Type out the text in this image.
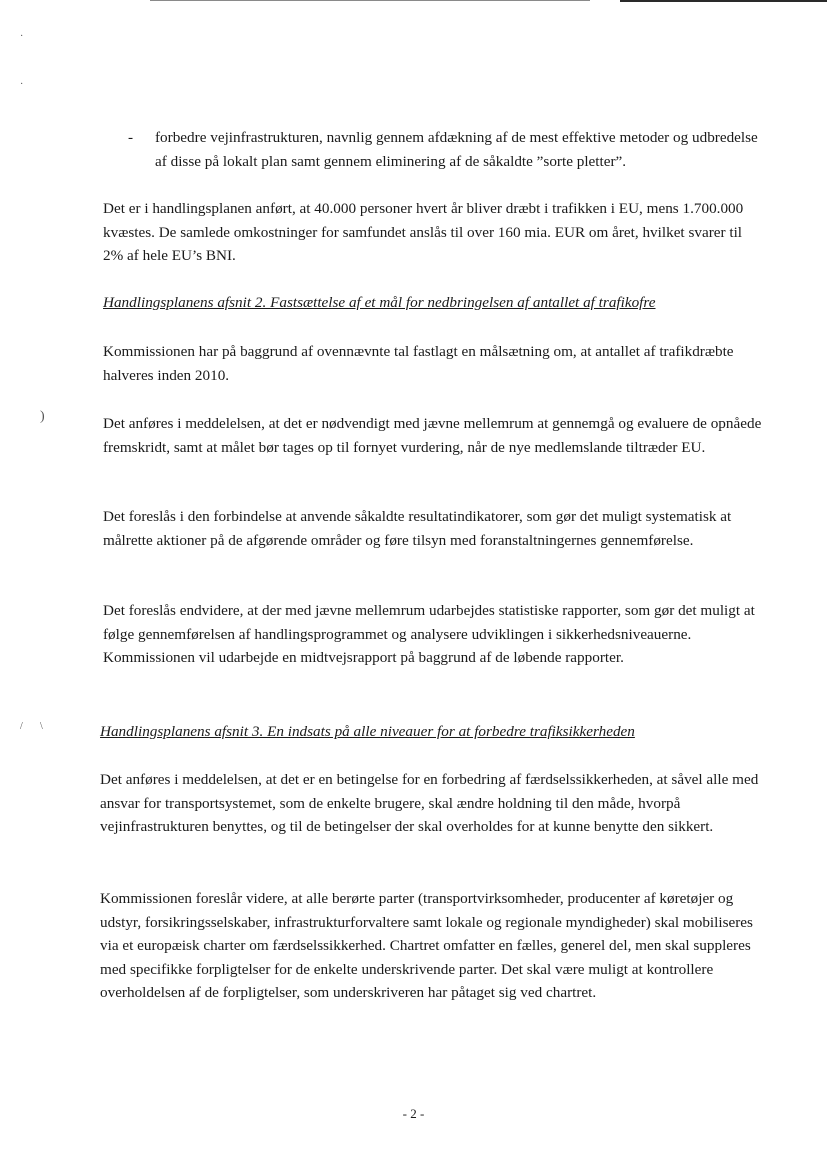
·
·
)
/ \
- forbedre vejinfrastrukturen, navnlig gennem afdækning af de mest effektive metoder og udbredelse af disse på lokalt plan samt gennem eliminering af de såkaldte ”sorte pletter”.

Det er i handlingsplanen anført, at 40.000 personer hvert år bliver dræbt i trafikken i EU, mens 1.700.000 kvæstes. De samlede omkostninger for samfundet anslås til over 160 mia. EUR om året, hvilket svarer til 2% af hele EU’s BNI.

Handlingsplanens afsnit 2. Fastsættelse af et mål for nedbringelsen af antallet af trafikofre

Kommissionen har på baggrund af ovennævnte tal fastlagt en målsætning om, at antallet af trafikdræbte halveres inden 2010.

Det anføres i meddelelsen, at det er nødvendigt med jævne mellemrum at gennemgå og evaluere de opnåede fremskridt, samt at målet bør tages op til fornyet vurdering, når de nye medlemslande tiltræder EU.

Det foreslås i den forbindelse at anvende såkaldte resultatindikatorer, som gør det muligt systematisk at målrette aktioner på de afgørende områder og føre tilsyn med foranstaltningernes gennemførelse.

Det foreslås endvidere, at der med jævne mellemrum udarbejdes statistiske rapporter, som gør det muligt at følge gennemførelsen af handlingsprogrammet og analysere udviklingen i sikkerhedsniveauerne. Kommissionen vil udarbejde en midtvejsrapport på baggrund af de løbende rapporter.

Handlingsplanens afsnit 3. En indsats på alle niveauer for at forbedre trafiksikkerheden

Det anføres i meddelelsen, at det er en betingelse for en forbedring af færdselssikkerheden, at såvel alle med ansvar for transportsystemet, som de enkelte brugere, skal ændre holdning til den måde, hvorpå vejinfrastrukturen benyttes, og til de betingelser der skal overholdes for at kunne benytte den sikkert.

Kommissionen foreslår videre, at alle berørte parter (transportvirksomheder, producenter af køretøjer og udstyr, forsikringsselskaber, infrastrukturforvaltere samt lokale og regionale myndigheder) skal mobiliseres via et europæisk charter om færdselssikkerhed. Chartret omfatter en fælles, generel del, men skal suppleres med specifikke forpligtelser for de enkelte underskrivende parter. Det skal være muligt at kontrollere overholdelsen af de forpligtelser, som underskriveren har påtaget sig ved chartret.

- 2 -
